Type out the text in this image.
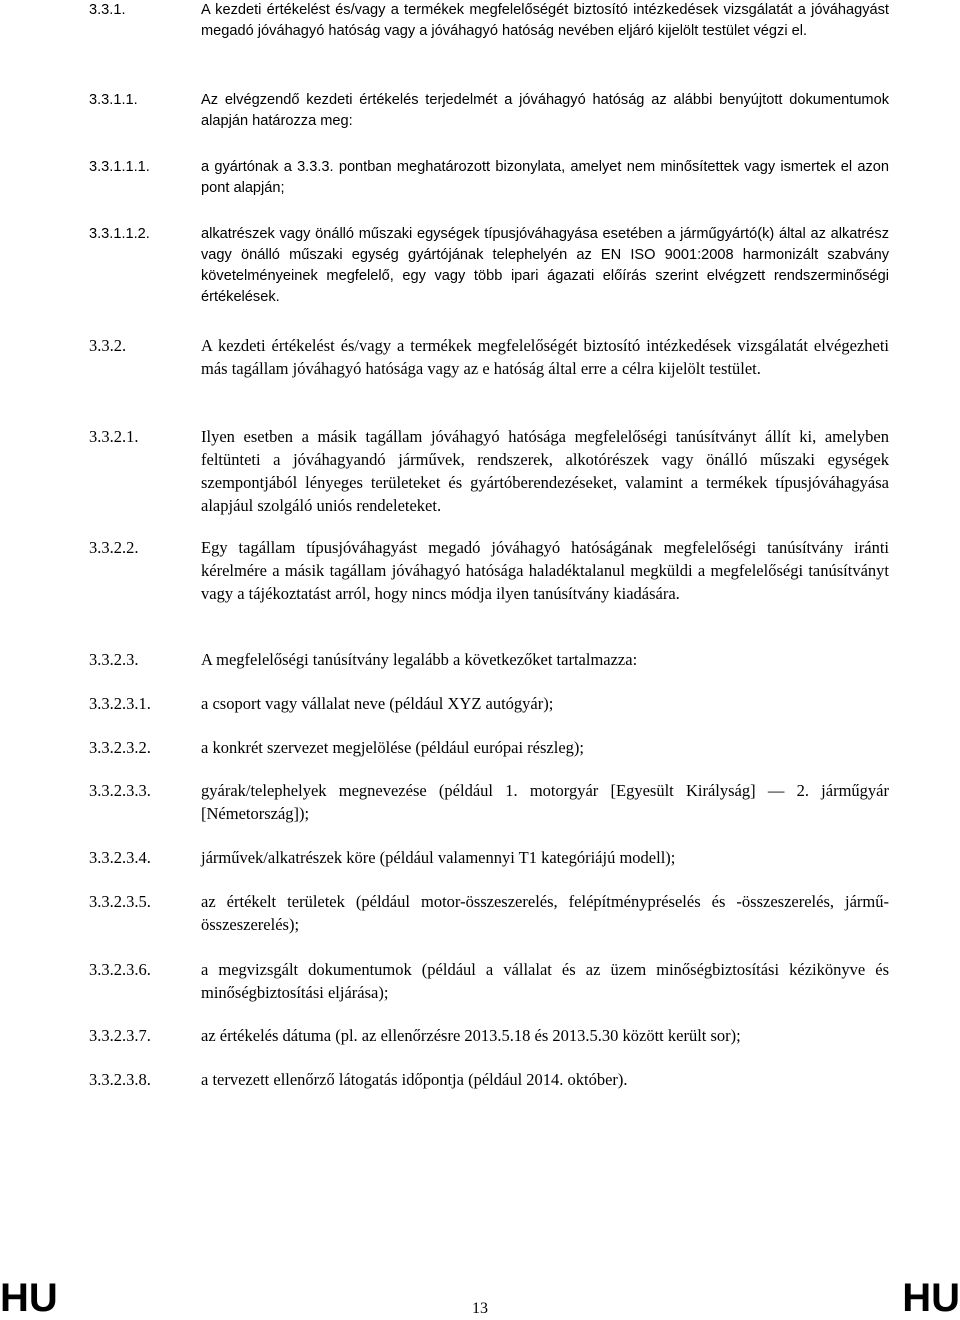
3.3.1.	A kezdeti értékelést és/vagy a termékek megfelelőségét biztosító intézkedések vizsgálatát a jóváhagyást megadó jóváhagyó hatóság vagy a jóváhagyó hatóság nevében eljáró kijelölt testület végzi el.
3.3.1.1.	Az elvégzendő kezdeti értékelés terjedelmét a jóváhagyó hatóság az alábbi benyújtott dokumentumok alapján határozza meg:
3.3.1.1.1.	a gyártónak a 3.3.3. pontban meghatározott bizonylata, amelyet nem minősítettek vagy ismertek el azon pont alapján;
3.3.1.1.2.	alkatrészek vagy önálló műszaki egységek típusjóváhagyása esetében a járműgyártó(k) által az alkatrész vagy önálló műszaki egység gyártójának telephelyén az EN ISO 9001:2008 harmonizált szabvány követelményeinek megfelelő, egy vagy több ipari ágazati előírás szerint elvégzett rendszerminőségi értékelések.
3.3.2.	A kezdeti értékelést és/vagy a termékek megfelelőségét biztosító intézkedések vizsgálatát elvégezheti más tagállam jóváhagyó hatósága vagy az e hatóság által erre a célra kijelölt testület.
3.3.2.1.	Ilyen esetben a másik tagállam jóváhagyó hatósága megfelelőségi tanúsítványt állít ki, amelyben feltünteti a jóváhagyandó járművek, rendszerek, alkotórészek vagy önálló műszaki egységek szempontjából lényeges területeket és gyártóberendezéseket, valamint a termékek típusjóváhagyása alapjául szolgáló uniós rendeleteket.
3.3.2.2.	Egy tagállam típusjóváhagyást megadó jóváhagyó hatóságának megfelelőségi tanúsítvány iránti kérelmére a másik tagállam jóváhagyó hatósága haladéktalanul megküldi a megfelelőségi tanúsítványt vagy a tájékoztatást arról, hogy nincs módja ilyen tanúsítvány kiadására.
3.3.2.3.	A megfelelőségi tanúsítvány legalább a következőket tartalmazza:
3.3.2.3.1.	a csoport vagy vállalat neve (például XYZ autógyár);
3.3.2.3.2.	a konkrét szervezet megjelölése (például európai részleg);
3.3.2.3.3.	gyárak/telephelyek megnevezése (például 1. motorgyár [Egyesült Királyság] — 2. járműgyár [Németország]);
3.3.2.3.4.	járművek/alkatrészek köre (például valamennyi T1 kategóriájú modell);
3.3.2.3.5.	az értékelt területek (például motor-összeszerelés, felépítménypréselés és -összeszerelés, jármű-összeszerelés);
3.3.2.3.6.	a megvizsgált dokumentumok (például a vállalat és az üzem minőségbiztosítási kézikönyve és minőségbiztosítási eljárása);
3.3.2.3.7.	az értékelés dátuma (pl. az ellenőrzésre 2013.5.18 és 2013.5.30 között került sor);
3.3.2.3.8.	a tervezett ellenőrző látogatás időpontja (például 2014. október).
HU	13	HU
